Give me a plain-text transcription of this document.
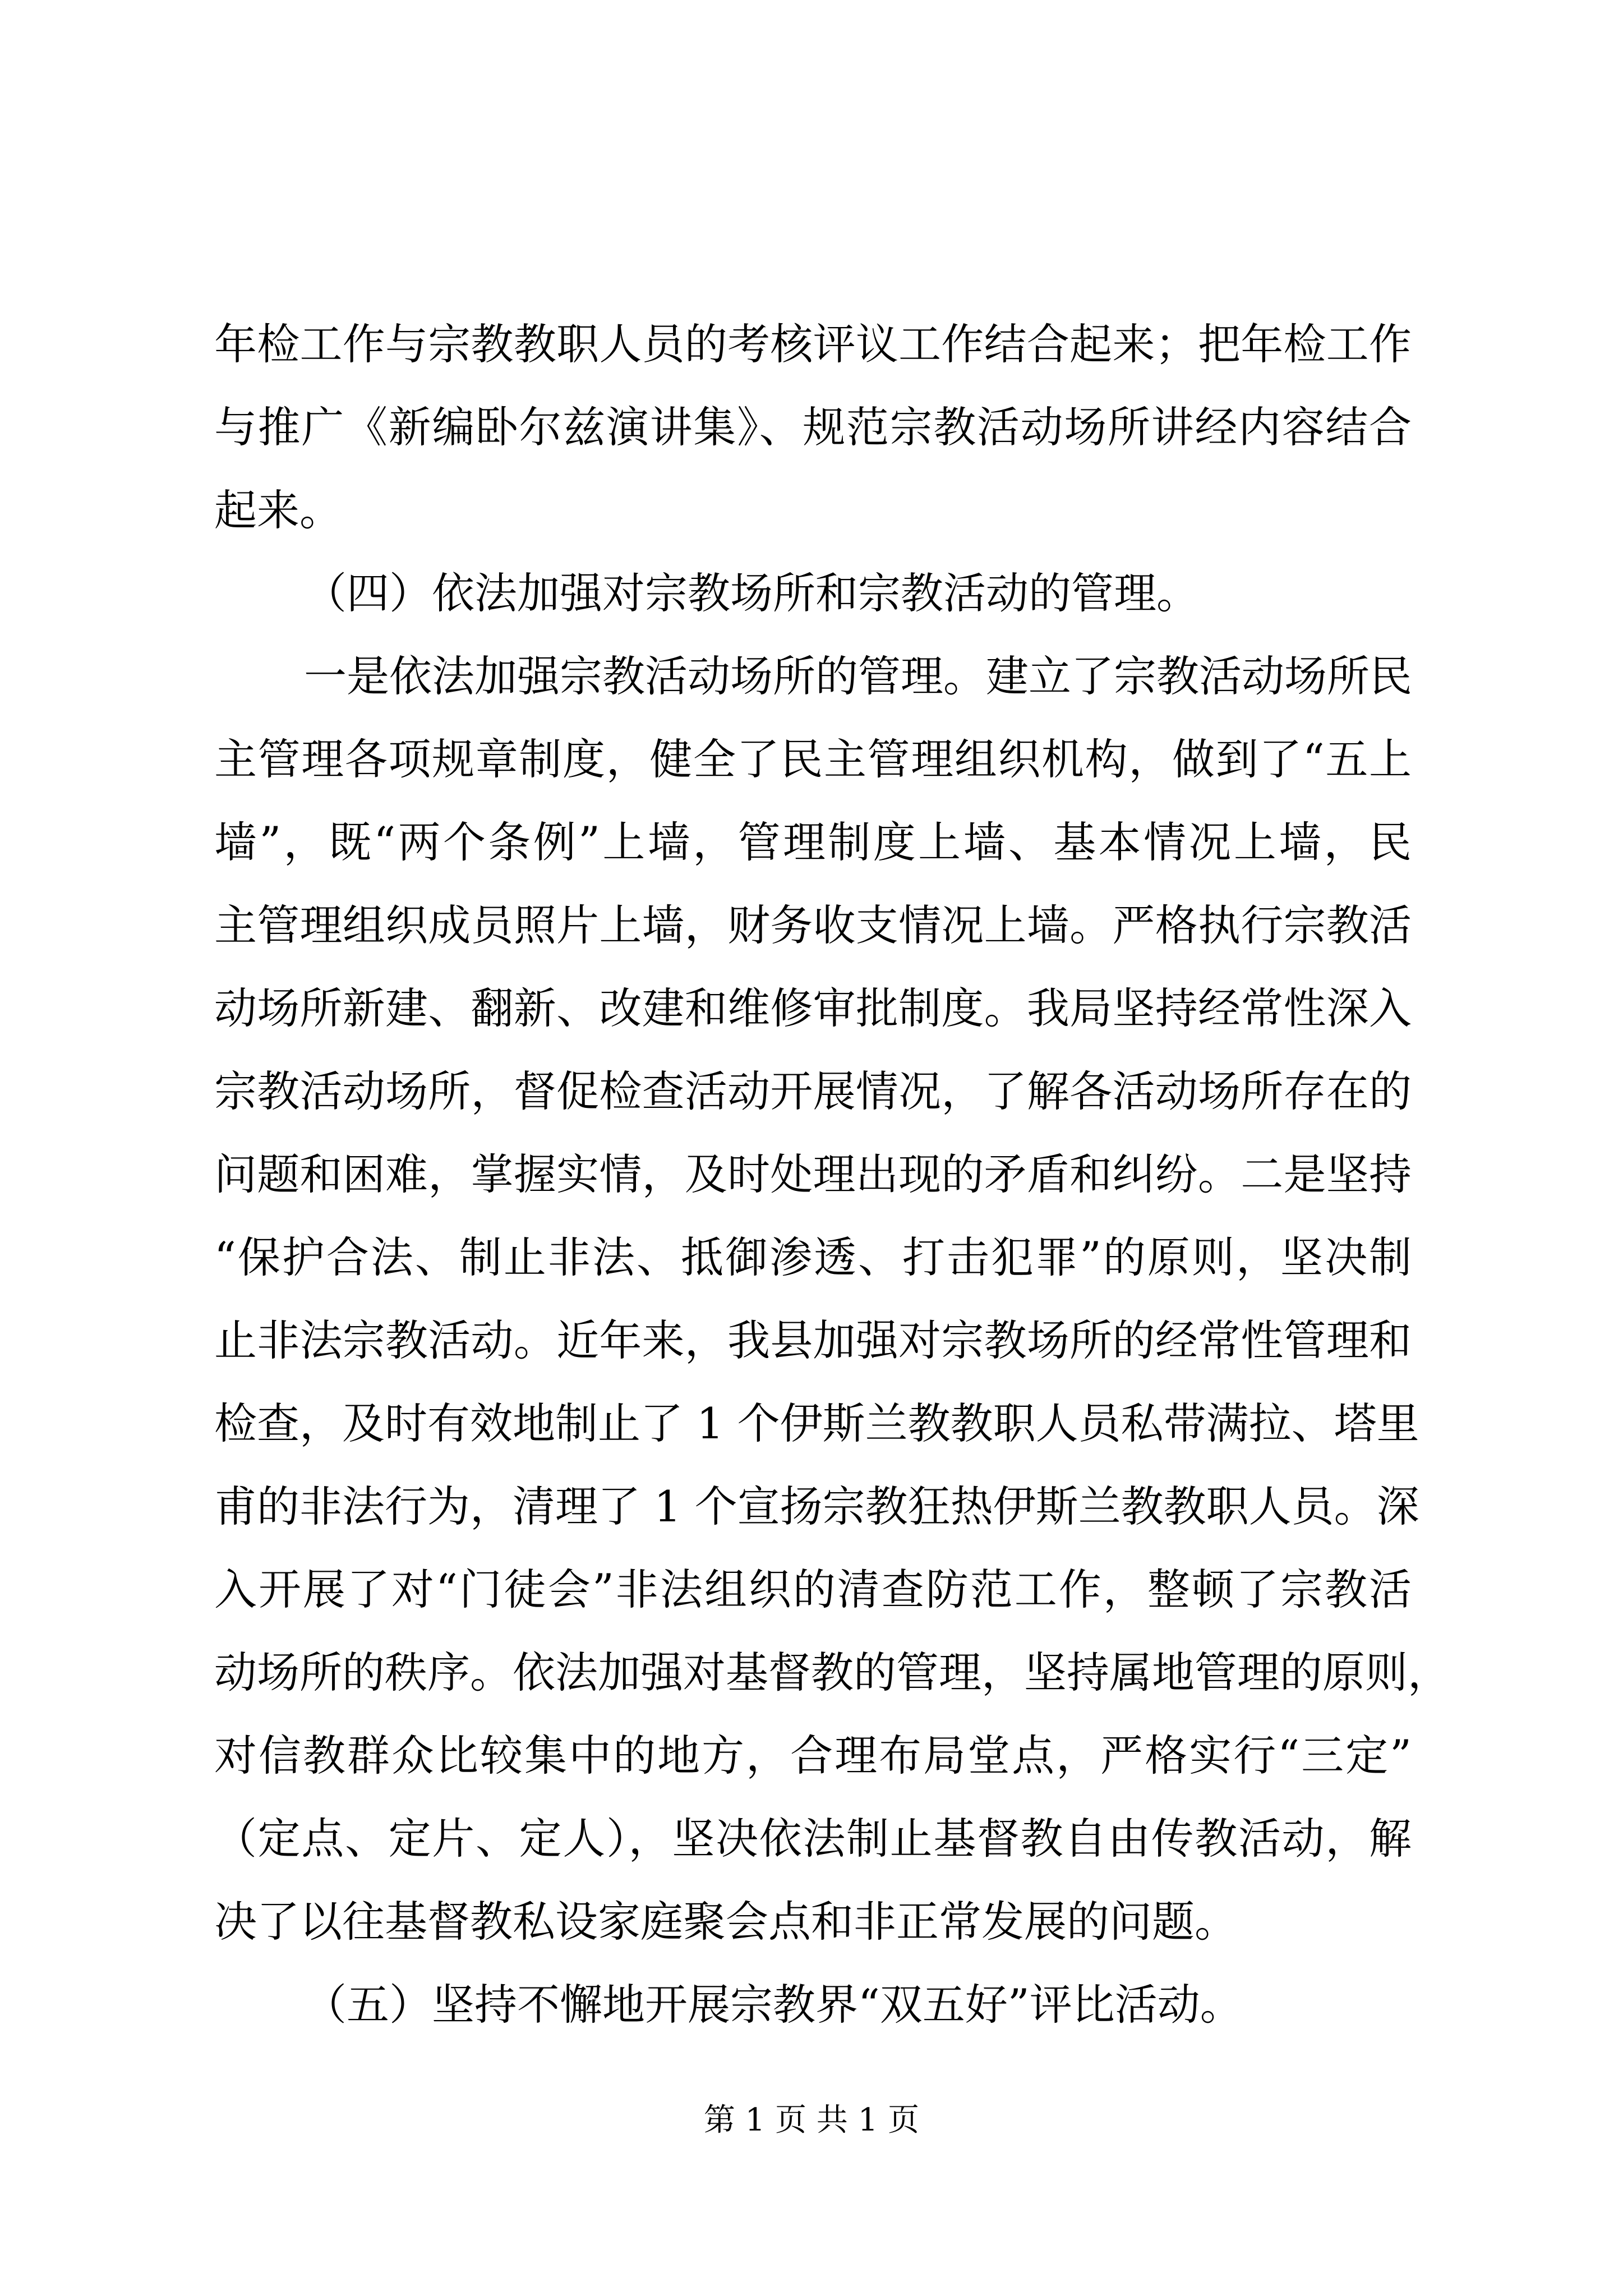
年检工作与宗教教职人员的考核评议工作结合起来；把年检工作
与推广《新编卧尔兹演讲集》、规范宗教活动场所讲经内容结合
起来。
（四）依法加强对宗教场所和宗教活动的管理。
一是依法加强宗教活动场所的管理。建立了宗教活动场所民
主管理各项规章制度，健全了民主管理组织机构，做到了“五上
墙”，既“两个条例”上墙，管理制度上墙、基本情况上墙，民
主管理组织成员照片上墙，财务收支情况上墙。严格执行宗教活
动场所新建、翻新、改建和维修审批制度。我局坚持经常性深入
宗教活动场所，督促检查活动开展情况，了解各活动场所存在的
问题和困难，掌握实情，及时处理出现的矛盾和纠纷。二是坚持
“保护合法、制止非法、抵御渗透、打击犯罪”的原则，坚决制
止非法宗教活动。近年来，我县加强对宗教场所的经常性管理和
检查，及时有效地制止了 1 个伊斯兰教教职人员私带满拉、塔里
甫的非法行为，清理了 1 个宣扬宗教狂热伊斯兰教教职人员。深
入开展了对“门徒会”非法组织的清查防范工作，整顿了宗教活
动场所的秩序。依法加强对基督教的管理，坚持属地管理的原则，
对信教群众比较集中的地方，合理布局堂点，严格实行“三定”
（定点、定片、定人），坚决依法制止基督教自由传教活动，解
决了以往基督教私设家庭聚会点和非正常发展的问题。
（五）坚持不懈地开展宗教界“双五好”评比活动。
第 1 页 共 1 页
